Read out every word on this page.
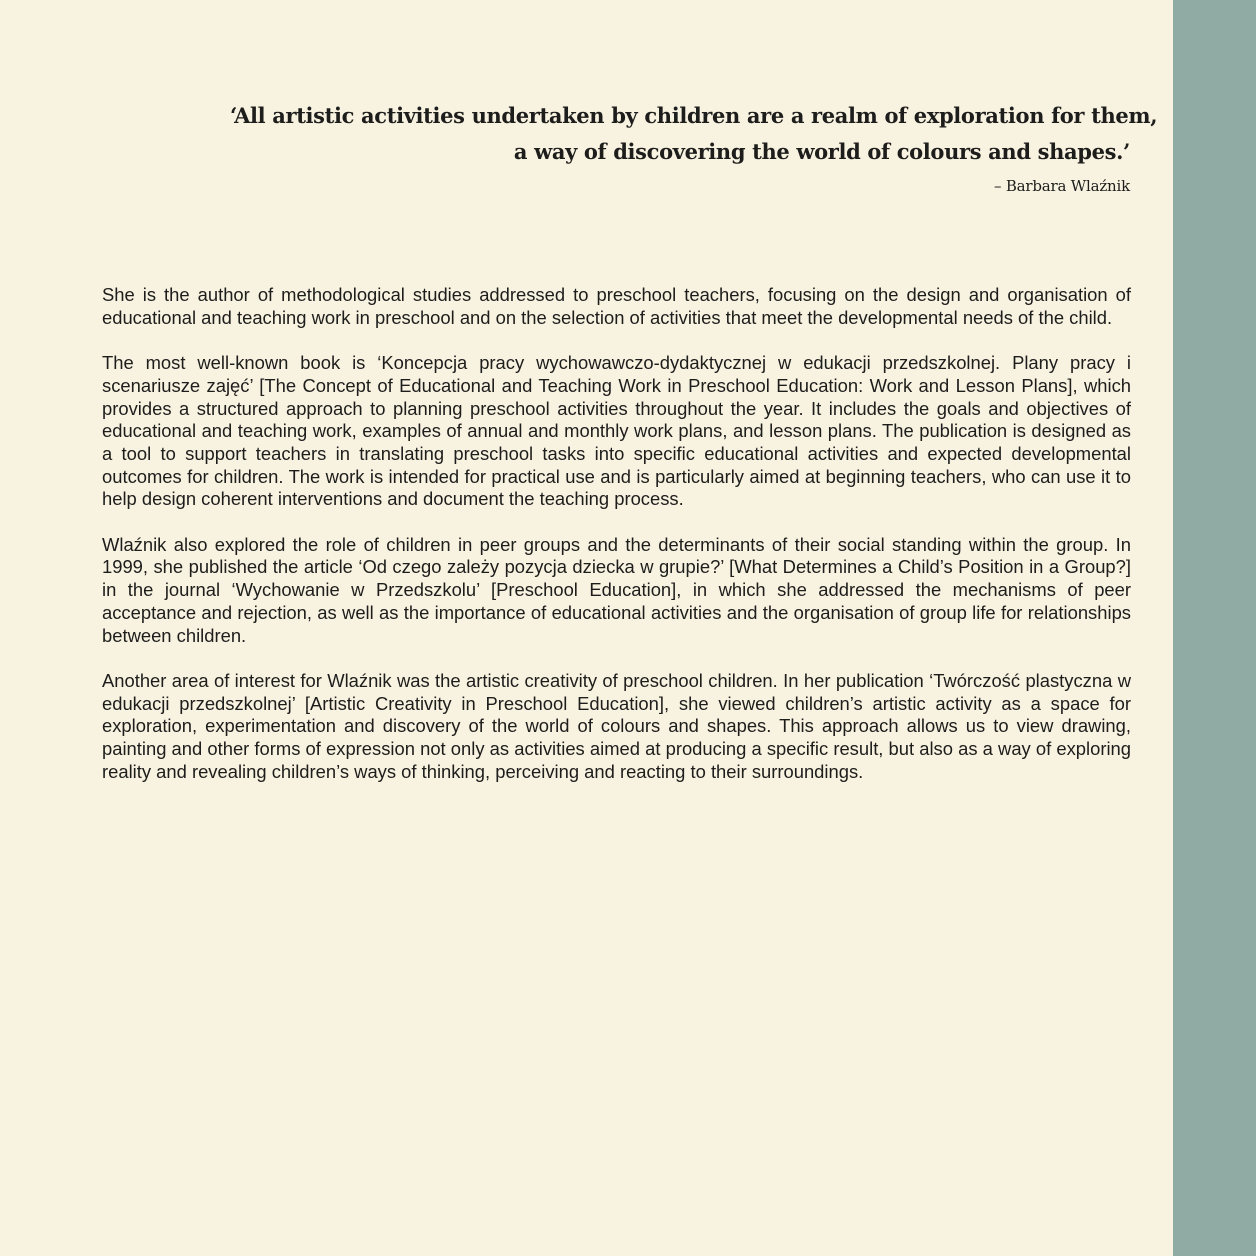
‘All artistic activities undertaken by children are a realm of exploration for them,

a way of discovering the world of colours and shapes.’

– Barbara Wlaźnik

She is the author of methodological studies addressed to preschool teachers, focusing on the design and organisation of educational and teaching work in preschool and on the selection of activities that meet the developmental needs of the child.

The most well-known book is ‘Koncepcja pracy wychowawczo-dydaktycznej w edukacji przedszkolnej. Plany pracy i scenariusze zajęć’ [The Concept of Educational and Teaching Work in Preschool Education: Work and Lesson Plans], which provides a structured approach to planning preschool activities throughout the year. It includes the goals and objectives of educational and teaching work, examples of annual and monthly work plans, and lesson plans. The publication is designed as a tool to support teachers in translating preschool tasks into specific educational activities and expected developmental outcomes for children. The work is intended for practical use and is particularly aimed at beginning teachers, who can use it to help design coherent interventions and document the teaching process.

Wlaźnik also explored the role of children in peer groups and the determinants of their social standing within the group. In 1999, she published the article ‘Od czego zależy pozycja dziecka w grupie?’ [What Determines a Child’s Position in a Group?] in the journal ‘Wychowanie w Przedszkolu’ [Preschool Education], in which she addressed the mechanisms of peer acceptance and rejection, as well as the importance of educational activities and the organisation of group life for relationships between children.

Another area of interest for Wlaźnik was the artistic creativity of preschool children. In her publication ‘Twórczość plastyczna w edukacji przedszkolnej’ [Artistic Creativity in Preschool Education], she viewed children’s artistic activity as a space for exploration, experimentation and discovery of the world of colours and shapes. This approach allows us to view drawing, painting and other forms of expression not only as activities aimed at producing a specific result, but also as a way of exploring reality and revealing children’s ways of thinking, perceiving and reacting to their surroundings.
